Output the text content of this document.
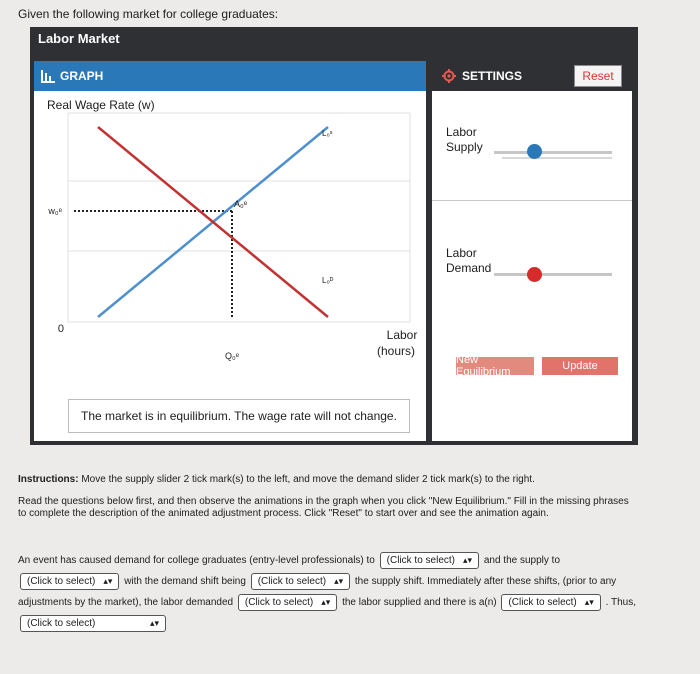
Given the following market for college graduates:
Labor Market
GRAPH
Real Wage Rate (w)
w₀ᵉ
A₀ᵉ
L₀ˢ
L₀ᴰ
0
Q₀ᵉ
Labor
(hours)
The market is in equilibrium. The wage rate will not change.
SETTINGS	Reset
Labor
Supply
Labor
Demand
New Equilibrium	Update
Instructions: Move the supply slider 2 tick mark(s) to the left, and move the demand slider 2 tick mark(s) to the right.
Read the questions below first, and then observe the animations in the graph when you click "New Equilibrium." Fill in the missing phrases to complete the description of the animated adjustment process. Click "Reset" to start over and see the animation again.
An event has caused demand for college graduates (entry-level professionals) to (Click to select) ▴▾ and the supply to
(Click to select) ▴▾ with the demand shift being (Click to select) ▴▾ the supply shift. Immediately after these shifts, (prior to any adjustments by the market), the labor demanded (Click to select) ▴▾ the labor supplied and there is a(n) (Click to select) ▴▾ . Thus,
(Click to select)	▴▾
